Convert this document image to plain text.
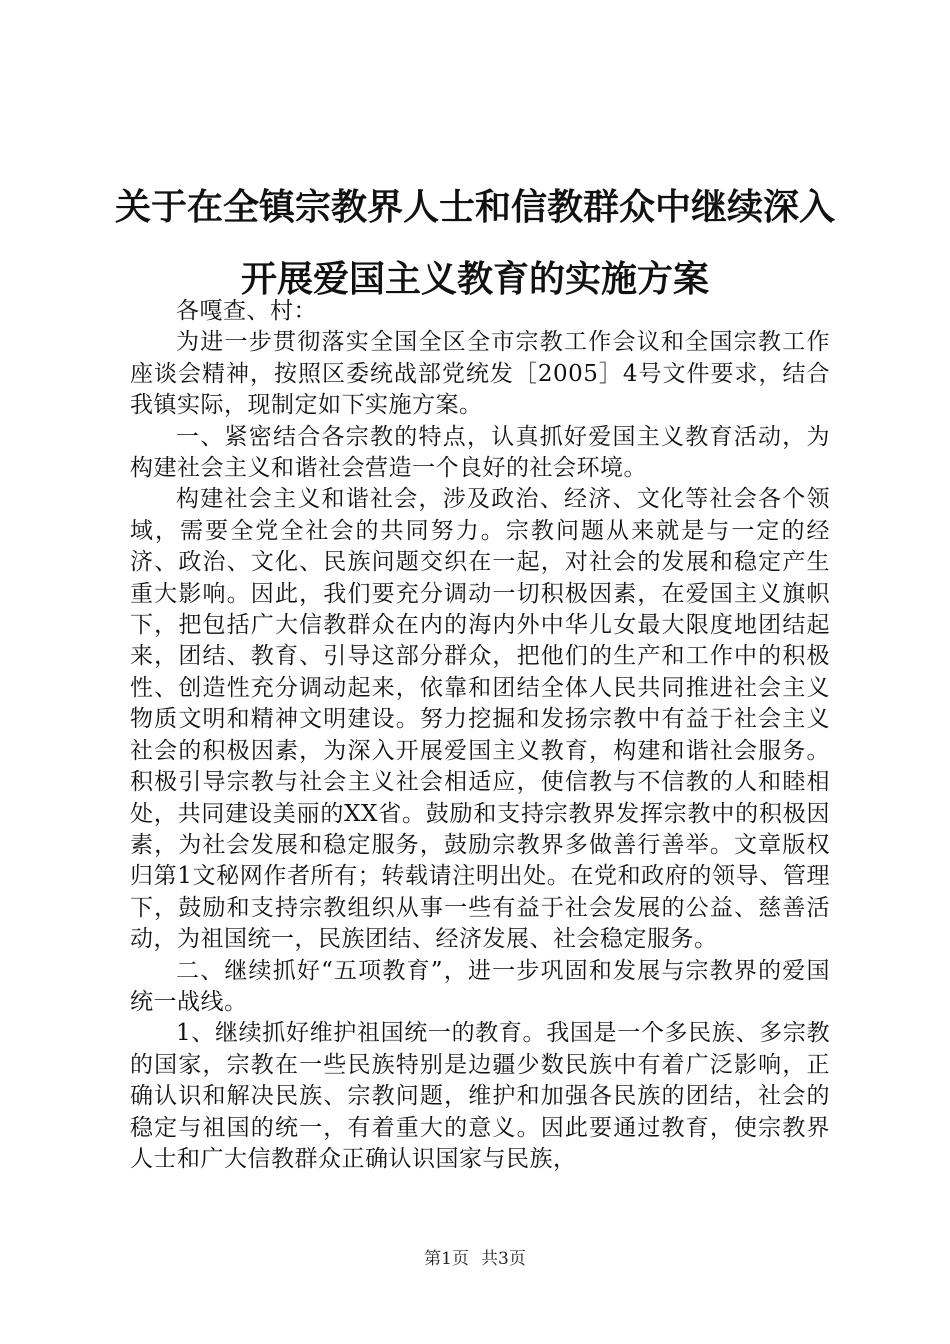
关于在全镇宗教界人士和信教群众中继续深入
开展爱国主义教育的实施方案

各嘎查、村：

为进一步贯彻落实全国全区全市宗教工作会议和全国宗教工作座谈会精神，按照区委统战部党统发［2005］4号文件要求，结合我镇实际，现制定如下实施方案。

一、紧密结合各宗教的特点，认真抓好爱国主义教育活动，为构建社会主义和谐社会营造一个良好的社会环境。

构建社会主义和谐社会，涉及政治、经济、文化等社会各个领域，需要全党全社会的共同努力。宗教问题从来就是与一定的经济、政治、文化、民族问题交织在一起，对社会的发展和稳定产生重大影响。因此，我们要充分调动一切积极因素，在爱国主义旗帜下，把包括广大信教群众在内的海内外中华儿女最大限度地团结起来，团结、教育、引导这部分群众，把他们的生产和工作中的积极性、创造性充分调动起来，依靠和团结全体人民共同推进社会主义物质文明和精神文明建设。努力挖掘和发扬宗教中有益于社会主义社会的积极因素，为深入开展爱国主义教育，构建和谐社会服务。积极引导宗教与社会主义社会相适应，使信教与不信教的人和睦相处，共同建设美丽的XX省。鼓励和支持宗教界发挥宗教中的积极因素，为社会发展和稳定服务，鼓励宗教界多做善行善举。文章版权归第1文秘网作者所有；转载请注明出处。在党和政府的领导、管理下，鼓励和支持宗教组织从事一些有益于社会发展的公益、慈善活动，为祖国统一，民族团结、经济发展、社会稳定服务。

二、继续抓好“五项教育”，进一步巩固和发展与宗教界的爱国统一战线。

1、继续抓好维护祖国统一的教育。我国是一个多民族、多宗教的国家，宗教在一些民族特别是边疆少数民族中有着广泛影响，正确认识和解决民族、宗教问题，维护和加强各民族的团结，社会的稳定与祖国的统一，有着重大的意义。因此要通过教育，使宗教界人士和广大信教群众正确认识国家与民族，

第1页 共3页
